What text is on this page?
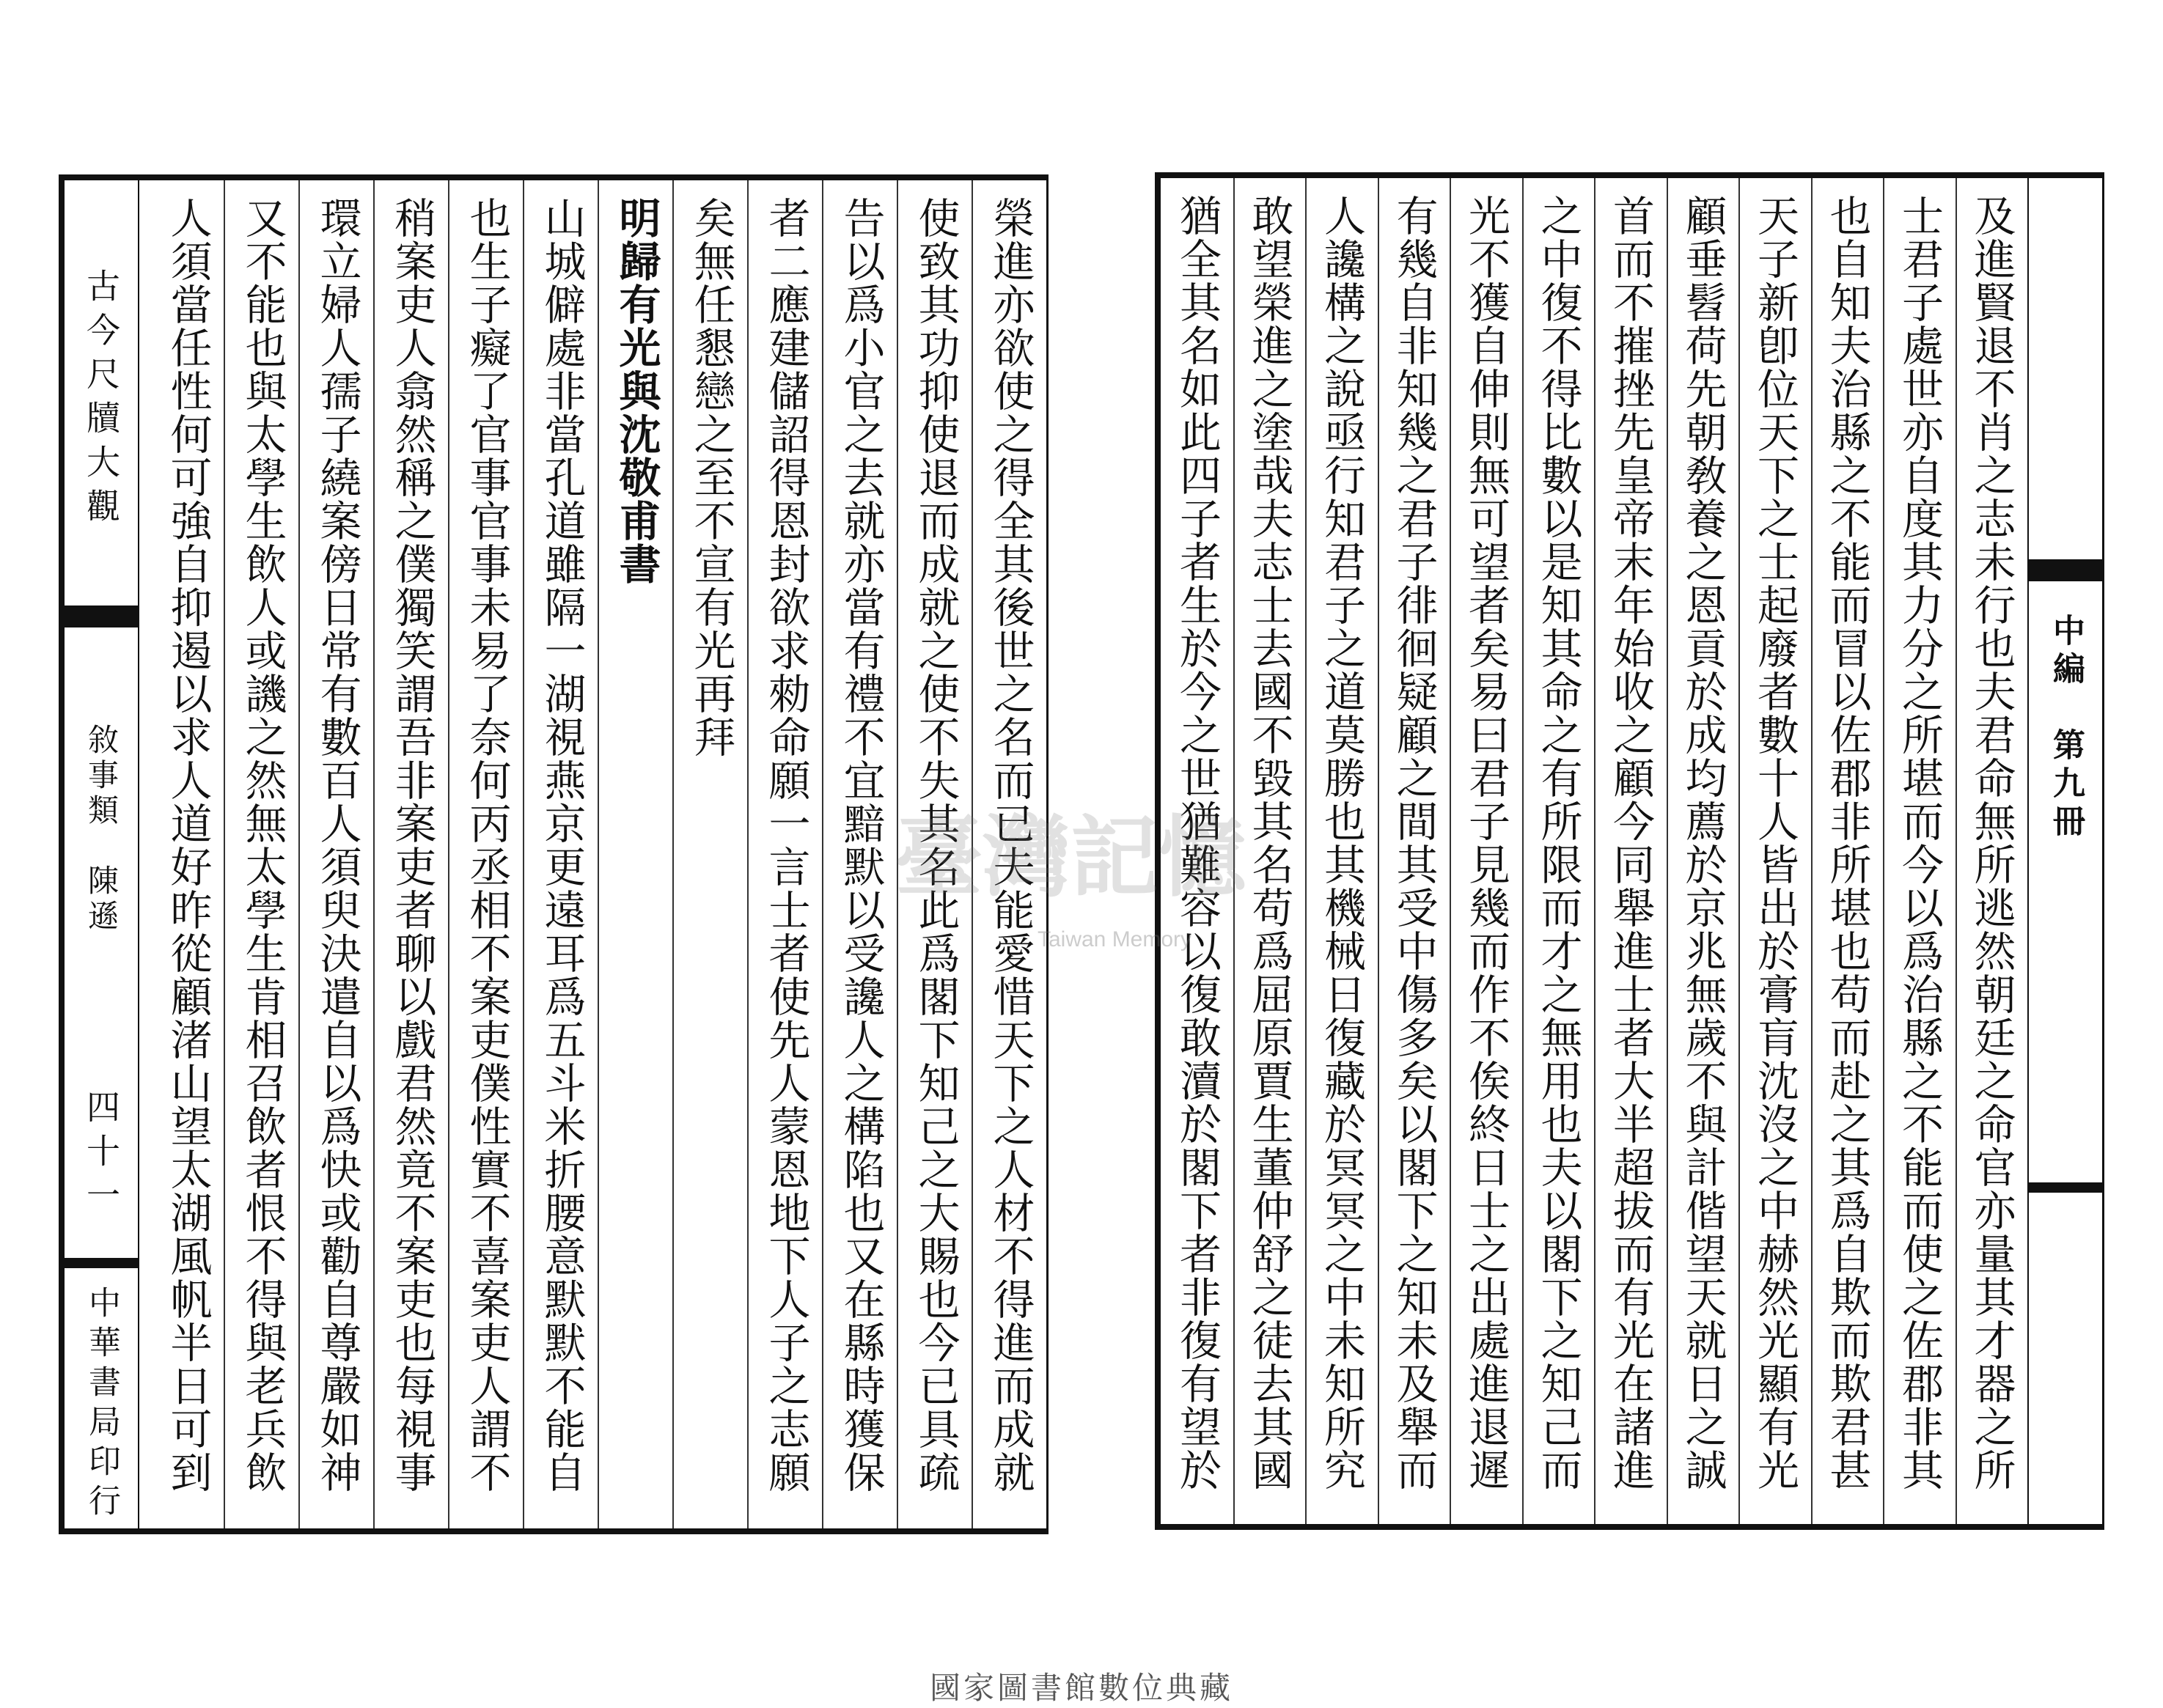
古今尺牘大觀
敘事類　陳遜
四十一
中華書局印行
榮進亦欲使之得全其後世之名而已夫能愛惜天下之人材不得進而成就
使致其功抑使退而成就之使不失其名此爲閣下知己之大賜也今已具疏
告以爲小官之去就亦當有禮不宜黯默以受讒人之構陷也又在縣時獲保
者二應建儲詔得恩封欲求勑命願一言士者使先人蒙恩地下人子之志願
矣無任懇戀之至不宣有光再拜
明歸有光與沈敬甫書
山城僻處非當孔道雖隔一湖視燕京更遠耳爲五斗米折腰意默默不能自
也生子癡了官事官事未易了奈何丙丞相不案吏僕性實不喜案吏人謂不
稍案吏人翕然稱之僕獨笑謂吾非案吏者聊以戲君然竟不案吏也每視事
環立婦人孺子繞案傍日常有數百人須臾決遣自以爲快或勸自尊嚴如神
又不能也與太學生飲人或譏之然無太學生肯相召飲者恨不得與老兵飲
人須當任性何可強自抑遏以求人道好昨從顧渚山望太湖風帆半日可到
及進賢退不肖之志未行也夫君命無所逃然朝廷之命官亦量其才器之所
士君子處世亦自度其力分之所堪而今以爲治縣之不能而使之佐郡非其
也自知夫治縣之不能而冒以佐郡非所堪也苟而赴之其爲自欺而欺君甚
天子新卽位天下之士起廢者數十人皆出於膏肓沈沒之中赫然光顯有光
顧垂髫荷先朝敎養之恩貢於成均薦於京兆無歲不與計偕望天就日之誠
首而不摧挫先皇帝末年始收之顧今同舉進士者大半超拔而有光在諸進
之中復不得比數以是知其命之有所限而才之無用也夫以閣下之知己而
光不獲自伸則無可望者矣易曰君子見幾而作不俟終日士之出處進退遲
有幾自非知幾之君子徘徊疑顧之間其受中傷多矣以閣下之知未及舉而
人讒構之說亟行知君子之道莫勝也其機械日復藏於冥冥之中未知所究
敢望榮進之塗哉夫志士去國不毀其名苟爲屈原賈生董仲舒之徒去其國
猶全其名如此四子者生於今之世猶難容以復敢瀆於閣下者非復有望於	中編　第九冊
臺灣記憶
Taiwan Memory
國家圖書館數位典藏
